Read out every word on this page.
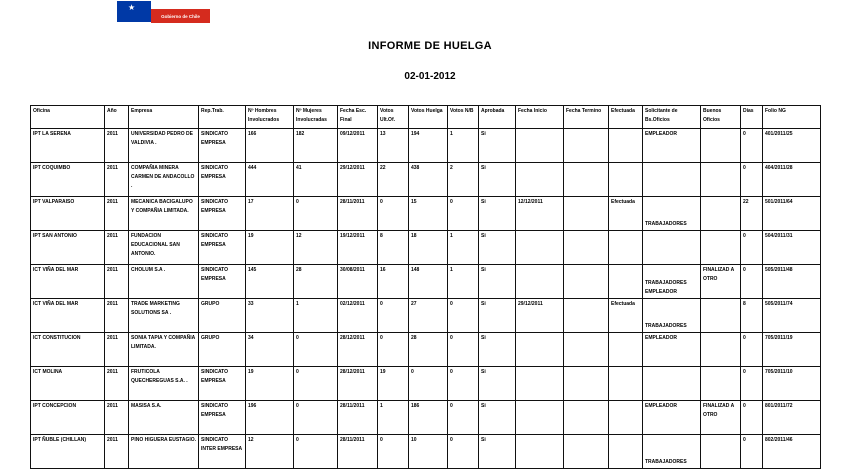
★
Gobierno de Chile
INFORME DE HUELGA
02-01-2012
Oficina	Año	Empresa	Rep.Trab.	Nº Hombres Involucrados	Nº Mujeres Involucradas	Fecha Esc. Final	Votos Ult.Of.	Votos Huelga	Votos N/B	Aprobada	Fecha Inicio	Fecha Termino	Efectuada	Solicitante de Bs.Oficios	Buenos Oficios	Días	Folio NG
IPT LA SERENA	2011	UNIVERSIDAD PEDRO DE VALDIVIA .	SINDICATO EMPRESA	166	182	09/12/2011	13	194	1	Si				EMPLEADOR		0	401/2011/25
IPT COQUIMBO	2011	COMPAÑIA MINERA CARMEN DE ANDACOLLO .	SINDICATO EMPRESA	444	41	29/12/2011	22	438	2	Si						0	404/2011/28
IPT VALPARAISO	2011	MECANICA BACIGALUPO Y COMPAÑIA LIMITADA.	SINDICATO EMPRESA	17	0	28/11/2011	0	15	0	Si	12/12/2011		Efectuada	TRABAJADORES		22	501/2011/64
IPT SAN ANTONIO	2011	FUNDACION EDUCACIONAL SAN ANTONIO.	SINDICATO EMPRESA	19	12	19/12/2011	8	18	1	Si						0	504/2011/31
ICT VIÑA DEL MAR	2011	CHOLUM S.A .	SINDICATO EMPRESA	145	28	30/08/2011	16	148	1	Si				TRABAJADORES EMPLEADOR	FINALIZAD A OTRO	0	505/2011/48
ICT VIÑA DEL MAR	2011	TRADE MARKETING SOLUTIONS SA .	GRUPO	33	1	02/12/2011	0	27	0	Si	29/12/2011		Efectuada	TRABAJADORES		8	505/2011/74
ICT CONSTITUCION	2011	SONIA TAPIA Y COMPAÑIA LIMITADA.	GRUPO	34	0	28/12/2011	0	28	0	Si				EMPLEADOR		0	705/2011/19
ICT MOLINA	2011	FRUTICOLA QUECHEREGUAS S.A. .	SINDICATO EMPRESA	19	0	28/12/2011	19	0	0	Si						0	705/2011/10
IPT CONCEPCION	2011	MASISA S.A.	SINDICATO EMPRESA	196	0	28/11/2011	1	186	0	Si				EMPLEADOR	FINALIZAD A OTRO	0	801/2011/72
IPT ÑUBLE (CHILLAN)	2011	PINO HIGUERA EUSTAGIO.	SINDICATO INTER EMPRESA	12	0	28/11/2011	0	10	0	Si				TRABAJADORES		0	802/2011/46
